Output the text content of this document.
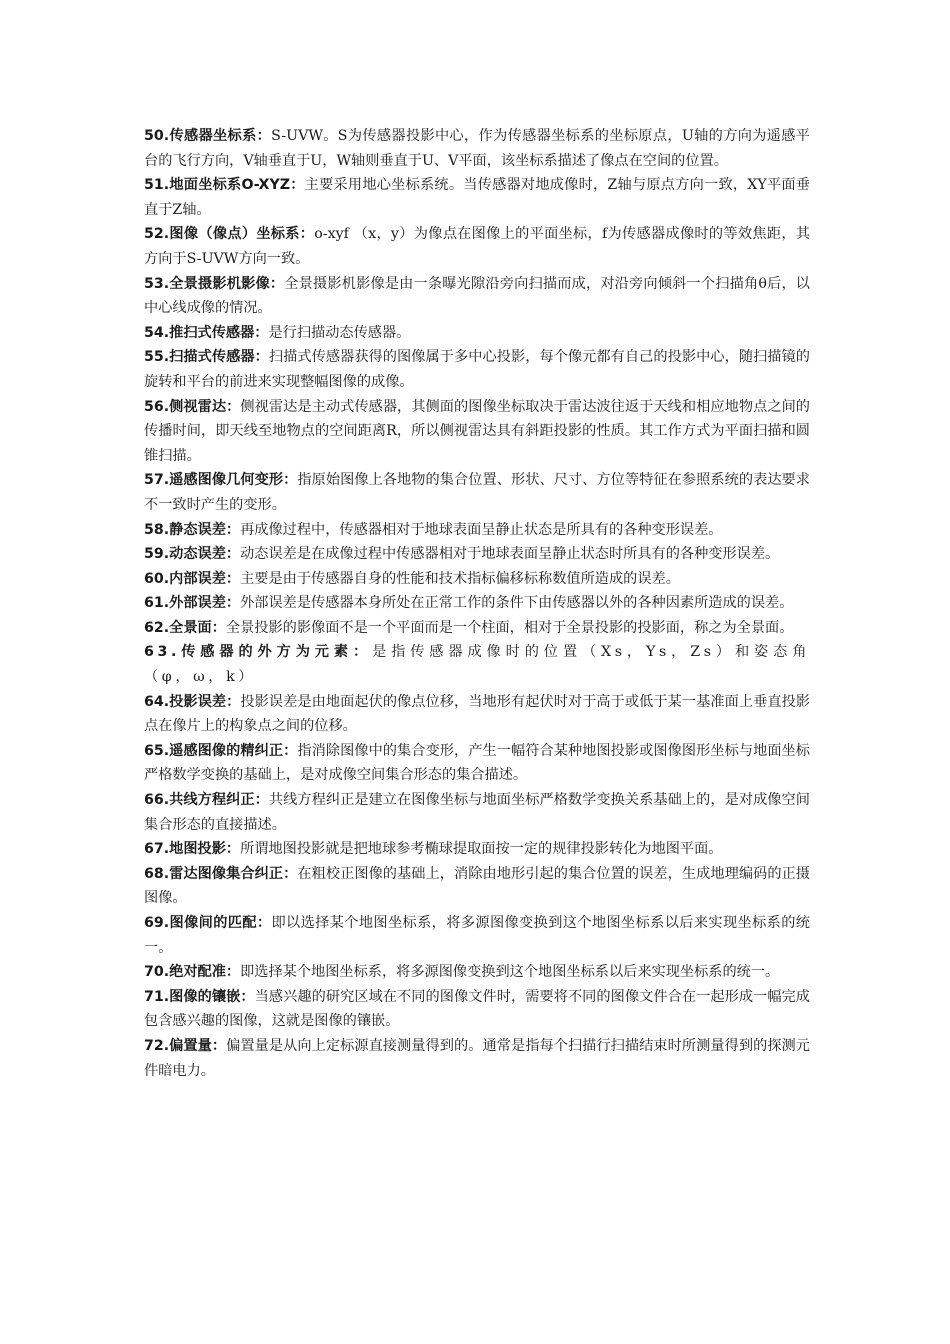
50.传感器坐标系：S-UVW。S为传感器投影中心，作为传感器坐标系的坐标原点，U轴的方向为遥感平台的飞行方向，V轴垂直于U，W轴则垂直于U、V平面，该坐标系描述了像点在空间的位置。

51.地面坐标系O-XYZ：主要采用地心坐标系统。当传感器对地成像时，Z轴与原点方向一致，XY平面垂直于Z轴。

52.图像（像点）坐标系：o-xyf （x，y）为像点在图像上的平面坐标，f为传感器成像时的等效焦距，其方向于S-UVW方向一致。

53.全景摄影机影像：全景摄影机影像是由一条曝光隙沿旁向扫描而成，对沿旁向倾斜一个扫描角θ后，以中心线成像的情况。

54.推扫式传感器：是行扫描动态传感器。

55.扫描式传感器：扫描式传感器获得的图像属于多中心投影，每个像元都有自己的投影中心，随扫描镜的旋转和平台的前进来实现整幅图像的成像。

56.侧视雷达：侧视雷达是主动式传感器，其侧面的图像坐标取决于雷达波往返于天线和相应地物点之间的传播时间，即天线至地物点的空间距离R，所以侧视雷达具有斜距投影的性质。其工作方式为平面扫描和圆锥扫描。

57.遥感图像几何变形：指原始图像上各地物的集合位置、形状、尺寸、方位等特征在参照系统的表达要求不一致时产生的变形。

58.静态误差：再成像过程中，传感器相对于地球表面呈静止状态是所具有的各种变形误差。

59.动态误差：动态误差是在成像过程中传感器相对于地球表面呈静止状态时所具有的各种变形误差。

60.内部误差：主要是由于传感器自身的性能和技术指标偏移标称数值所造成的误差。

61.外部误差：外部误差是传感器本身所处在正常工作的条件下由传感器以外的各种因素所造成的误差。

62.全景面：全景投影的影像面不是一个平面而是一个柱面，相对于全景投影的投影面，称之为全景面。

63.传感器的外方为元素：是指传感器成像时的位置（Xs，Ys，Zs）和姿态角（φ，ω，k）

64.投影误差：投影误差是由地面起伏的像点位移，当地形有起伏时对于高于或低于某一基准面上垂直投影点在像片上的构象点之间的位移。

65.遥感图像的精纠正：指消除图像中的集合变形，产生一幅符合某种地图投影或图像图形坐标与地面坐标严格数学变换的基础上，是对成像空间集合形态的集合描述。

66.共线方程纠正：共线方程纠正是建立在图像坐标与地面坐标严格数学变换关系基础上的，是对成像空间集合形态的直接描述。

67.地图投影：所谓地图投影就是把地球参考椭球提取面按一定的规律投影转化为地图平面。

68.雷达图像集合纠正：在粗校正图像的基础上，消除由地形引起的集合位置的误差，生成地理编码的正摄图像。

69.图像间的匹配：即以选择某个地图坐标系，将多源图像变换到这个地图坐标系以后来实现坐标系的统一。

70.绝对配准：即选择某个地图坐标系，将多源图像变换到这个地图坐标系以后来实现坐标系的统一。

71.图像的镶嵌：当感兴趣的研究区域在不同的图像文件时，需要将不同的图像文件合在一起形成一幅完成包含感兴趣的图像，这就是图像的镶嵌。

72.偏置量：偏置量是从向上定标源直接测量得到的。通常是指每个扫描行扫描结束时所测量得到的探测元件暗电力。
